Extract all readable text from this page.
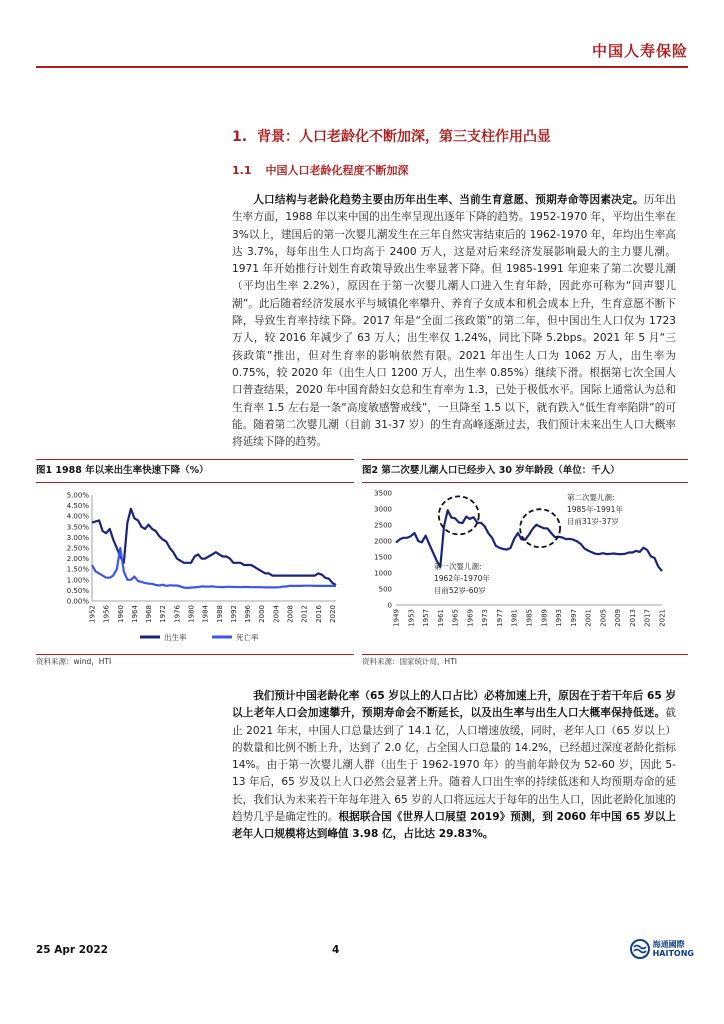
中国人寿保险
1. 背景：人口老龄化不断加深，第三支柱作用凸显
1.1 中国人口老龄化程度不断加深
人口结构与老龄化趋势主要由历年出生率、当前生育意愿、预期寿命等因素决定。历年出生率方面，1988 年以来中国的出生率呈现出逐年下降的趋势。1952-1970 年，平均出生率在 3%以上，建国后的第一次婴儿潮发生在三年自然灾害结束后的 1962-1970 年，年均出生率高达 3.7%，每年出生人口均高于 2400 万人，这是对后来经济发展影响最大的主力婴儿潮。1971 年开始推行计划生育政策导致出生率显著下降。但 1985-1991 年迎来了第二次婴儿潮（平均出生率 2.2%），原因在于第一次婴儿潮人口进入生育年龄，因此亦可称为“回声婴儿潮”。此后随着经济发展水平与城镇化率攀升、养育子女成本和机会成本上升，生育意愿不断下降，导致生育率持续下降。2017 年是“全面二孩政策”的第二年，但中国出生人口仅为 1723 万人，较 2016 年减少了 63 万人；出生率仅 1.24%，同比下降 5.2bps。2021 年 5 月“三孩政策”推出，但对生育率的影响依然有限。2021 年出生人口为 1062 万人，出生率为 0.75%，较 2020 年（出生人口 1200 万人，出生率 0.85%）继续下滑。根据第七次全国人口普查结果，2020 年中国育龄妇女总和生育率为 1.3，已处于极低水平。国际上通常认为总和生育率 1.5 左右是一条“高度敏感警戒线”，一旦降至 1.5 以下，就有跌入“低生育率陷阱”的可能。随着第二次婴儿潮（目前 31-37 岁）的生育高峰逐渐过去，我们预计未来出生人口大概率将延续下降的趋势。
图1 1988 年以来出生率快速下降（%）
5.00%
4.50%
4.00%
3.50%
3.00%
2.50%
2.00%
1.50%
1.00%
0.50%
0.00%
1952 1956 1960 1964 1968 1972 1976 1980 1984 1988 1992 1996 2000 2004 2008 2012 2016 2020
出生率	死亡率
资料来源：wind，HTI
图2 第二次婴儿潮人口已经步入 30 岁年龄段（单位：千人）
3500
3000
2500
2000
1500
1000
500
0
1949 1953 1957 1961 1965 1969 1973 1977 1981 1985 1989 1993 1997 2001 2005 2009 2013 2017 2021
第二次婴儿潮:
1985年-1991年
目前31岁-37岁
第一次婴儿潮:
1962年-1970年
目前52岁-60岁
资料来源：国家统计局，HTI
我们预计中国老龄化率（65 岁以上的人口占比）必将加速上升，原因在于若干年后 65 岁以上老年人口会加速攀升，预期寿命会不断延长，以及出生率与出生人口大概率保持低迷。截止 2021 年末，中国人口总量达到了 14.1 亿，人口增速放缓，同时，老年人口（65 岁以上）的数量和比例不断上升，达到了 2.0 亿，占全国人口总量的 14.2%，已经超过深度老龄化指标 14%。由于第一次婴儿潮人群（出生于 1962-1970 年）的当前年龄仅为 52-60 岁，因此 5-13 年后，65 岁及以上人口必然会显著上升。随着人口出生率的持续低迷和人均预期寿命的延长，我们认为未来若干年每年进入 65 岁的人口将远远大于每年的出生人口，因此老龄化加速的趋势几乎是确定性的。根据联合国《世界人口展望 2019》预测，到 2060 年中国 65 岁以上老年人口规模将达到峰值 3.98 亿，占比达 29.83%。
25 Apr 2022	4	海通國際
HAITONG
